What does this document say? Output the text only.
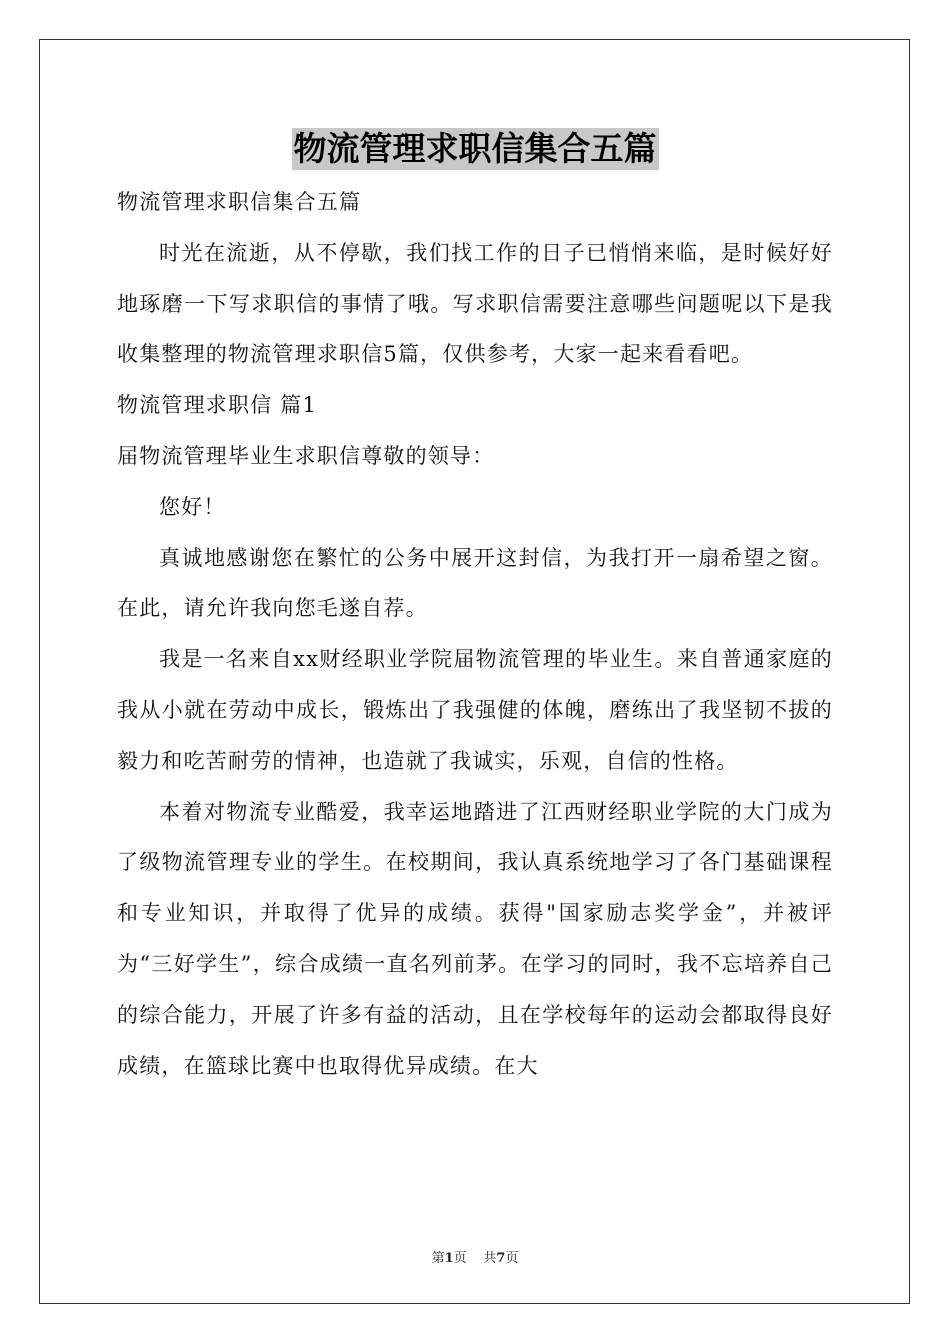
物流管理求职信集合五篇

物流管理求职信集合五篇

时光在流逝，从不停歇，我们找工作的日子已悄悄来临，是时候好好地琢磨一下写求职信的事情了哦。写求职信需要注意哪些问题呢以下是我收集整理的物流管理求职信5篇，仅供参考，大家一起来看看吧。

物流管理求职信 篇1

届物流管理毕业生求职信尊敬的领导：

您好！

真诚地感谢您在繁忙的公务中展开这封信，为我打开一扇希望之窗。在此，请允许我向您毛遂自荐。

我是一名来自xx财经职业学院届物流管理的毕业生。来自普通家庭的我从小就在劳动中成长，锻炼出了我强健的体魄，磨练出了我坚韧不拔的毅力和吃苦耐劳的情神，也造就了我诚实，乐观，自信的性格。

本着对物流专业酷爱，我幸运地踏进了江西财经职业学院的大门成为了级物流管理专业的学生。在校期间，我认真系统地学习了各门基础课程和专业知识，并取得了优异的成绩。获得"国家励志奖学金”，并被评为“三好学生”，综合成绩一直名列前茅。在学习的同时，我不忘培养自己的综合能力，开展了许多有益的活动，且在学校每年的运动会都取得良好成绩，在篮球比赛中也取得优异成绩。在大

第1页 共7页
